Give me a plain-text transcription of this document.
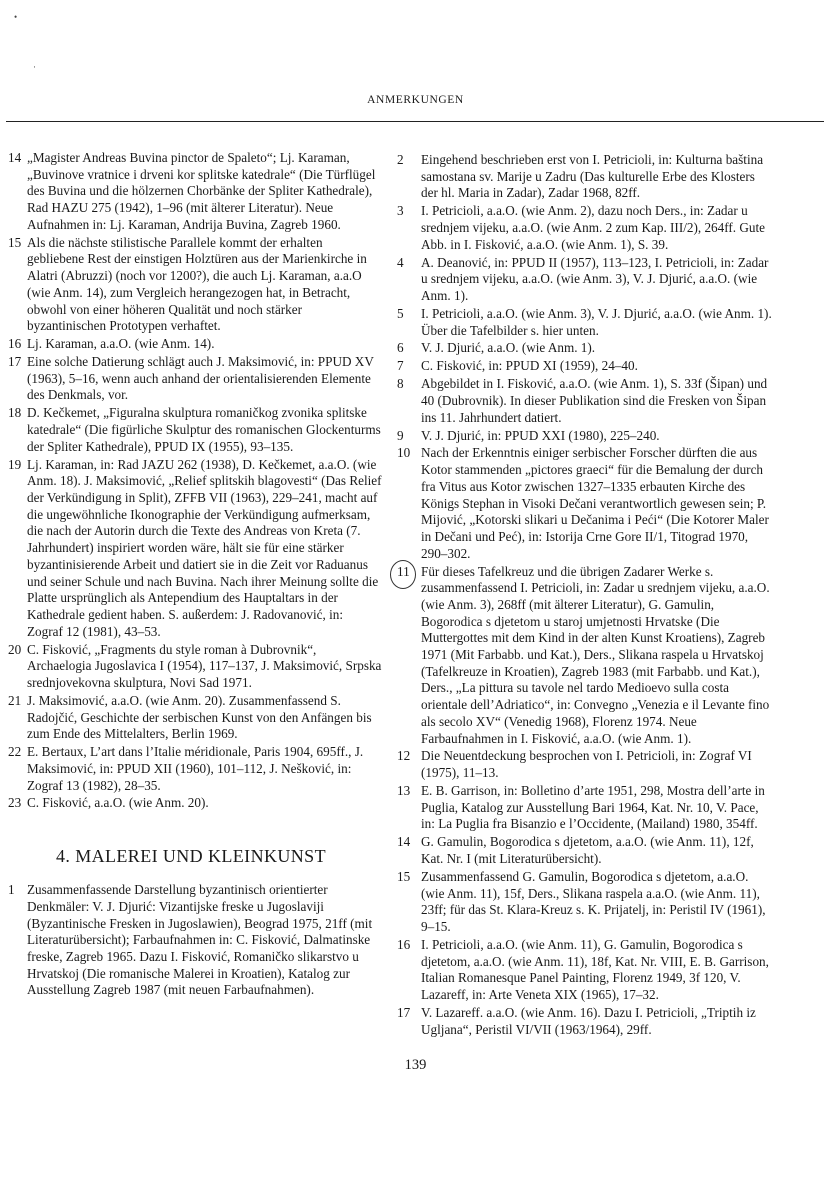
•
·
ANMERKUNGEN
14 „Magister Andreas Buvina pinctor de Spaleto“; Lj. Karaman, „Buvinove vratnice i drveni kor splitske katedrale“ (Die Türflügel des Buvina und die hölzernen Chorbänke der Spliter Kathedrale), Rad HAZU 275 (1942), 1–96 (mit älterer Literatur). Neue Aufnahmen in: Lj. Karaman, Andrija Buvina, Zagreb 1960.
15 Als die nächste stilistische Parallele kommt der erhalten gebliebene Rest der einstigen Holztüren aus der Marienkirche in Alatri (Abruzzi) (noch vor 1200?), die auch Lj. Karaman, a.a.O (wie Anm. 14), zum Vergleich herangezogen hat, in Betracht, obwohl von einer höheren Qualität und noch stärker byzantinischen Prototypen verhaftet.
16 Lj. Karaman, a.a.O. (wie Anm. 14).
17 Eine solche Datierung schlägt auch J. Maksimović, in: PPUD XV (1963), 5–16, wenn auch anhand der orientalisierenden Elemente des Denkmals, vor.
18 D. Kečkemet, „Figuralna skulptura romaničkog zvonika splitske katedrale“ (Die figürliche Skulptur des romanischen Glockenturms der Spliter Kathedrale), PPUD IX (1955), 93–135.
19 Lj. Karaman, in: Rad JAZU 262 (1938), D. Kečkemet, a.a.O. (wie Anm. 18). J. Maksimović, „Relief splitskih blagovesti“ (Das Relief der Verkündigung in Split), ZFFB VII (1963), 229–241, macht auf die ungewöhnliche Ikonographie der Verkündigung aufmerksam, die nach der Autorin durch die Texte des Andreas von Kreta (7. Jahrhundert) inspiriert worden wäre, hält sie für eine stärker byzantinisierende Arbeit und datiert sie in die Zeit vor Raduanus und seiner Schule und nach Buvina. Nach ihrer Meinung sollte die Platte ursprünglich als Antependium des Hauptaltars in der Kathedrale gedient haben. S. außerdem: J. Radovanović, in: Zograf 12 (1981), 43–53.
20 C. Fisković, „Fragments du style roman à Dubrovnik“, Archaelogia Jugoslavica I (1954), 117–137, J. Maksimović, Srpska srednjovekovna skulptura, Novi Sad 1971.
21 J. Maksimović, a.a.O. (wie Anm. 20). Zusammenfassend S. Radojčić, Geschichte der serbischen Kunst von den Anfängen bis zum Ende des Mittelalters, Berlin 1969.
22 E. Bertaux, L’art dans l’Italie méridionale, Paris 1904, 695ff., J. Maksimović, in: PPUD XII (1960), 101–112, J. Nešković, in: Zograf 13 (1982), 28–35.
23 C. Fisković, a.a.O. (wie Anm. 20).
4. MALEREI UND KLEINKUNST
1 Zusammenfassende Darstellung byzantinisch orientierter Denkmäler: V. J. Djurić: Vizantijske freske u Jugoslaviji (Byzantinische Fresken in Jugoslawien), Beograd 1975, 21ff (mit Literaturübersicht); Farbaufnahmen in: C. Fisković, Dalmatinske freske, Zagreb 1965. Dazu I. Fisković, Romaničko slikarstvo u Hrvatskoj (Die romanische Malerei in Kroatien), Katalog zur Ausstellung Zagreb 1987 (mit neuen Farbaufnahmen).
2	Eingehend beschrieben erst von I. Petricioli, in: Kulturna baština samostana sv. Marije u Zadru (Das kulturelle Erbe des Klosters der hl. Maria in Zadar), Zadar 1968, 82ff.
3	I. Petricioli, a.a.O. (wie Anm. 2), dazu noch Ders., in: Zadar u srednjem vijeku, a.a.O. (wie Anm. 2 zum Kap. III/2), 264ff. Gute Abb. in I. Fisković, a.a.O. (wie Anm. 1), S. 39.
4	A. Deanović, in: PPUD II (1957), 113–123, I. Petricioli, in: Zadar u srednjem vijeku, a.a.O. (wie Anm. 3), V. J. Djurić, a.a.O. (wie Anm. 1).
5	I. Petricioli, a.a.O. (wie Anm. 3), V. J. Djurić, a.a.O. (wie Anm. 1). Über die Tafelbilder s. hier unten.
6	V. J. Djurić, a.a.O. (wie Anm. 1).
7	C. Fisković, in: PPUD XI (1959), 24–40.
8	Abgebildet in I. Fisković, a.a.O. (wie Anm. 1), S. 33f (Šipan) und 40 (Dubrovnik). In dieser Publikation sind die Fresken von Šipan ins 11. Jahrhundert datiert.
9	V. J. Djurić, in: PPUD XXI (1980), 225–240.
10 Nach der Erkenntnis einiger serbischer Forscher dürften die aus Kotor stammenden „pictores graeci“ für die Bemalung der durch fra Vitus aus Kotor zwischen 1327–1335 erbauten Kirche des Königs Stephan in Visoki Dečani verantwortlich gewesen sein; P. Mijović, „Kotorski slikari u Dečanima i Peći“ (Die Kotorer Maler in Dečani und Peć), in: Istorija Crne Gore II/1, Titograd 1970, 290–302.
11 Für dieses Tafelkreuz und die übrigen Zadarer Werke s. zusammenfassend I. Petricioli, in: Zadar u srednjem vijeku, a.a.O. (wie Anm. 3), 268ff (mit älterer Literatur), G. Gamulin, Bogorodica s djetetom u staroj umjetnosti Hrvatske (Die Muttergottes mit dem Kind in der alten Kunst Kroatiens), Zagreb 1971 (Mit Farbabb. und Kat.), Ders., Slikana raspela u Hrvatskoj (Tafelkreuze in Kroatien), Zagreb 1983 (mit Farbabb. und Kat.), Ders., „La pittura su tavole nel tardo Medioevo sulla costa orientale dell’Adriatico“, in: Convegno „Venezia e il Levante fino als secolo XV“ (Venedig 1968), Florenz 1974. Neue Farbaufnahmen in I. Fisković, a.a.O. (wie Anm. 1).
12 Die Neuentdeckung besprochen von I. Petricioli, in: Zograf VI (1975), 11–13.
13 E. B. Garrison, in: Bolletino d’arte 1951, 298, Mostra dell’arte in Puglia, Katalog zur Ausstellung Bari 1964, Kat. Nr. 10, V. Pace, in: La Puglia fra Bisanzio e l’Occidente, (Mailand) 1980, 354ff.
14 G. Gamulin, Bogorodica s djetetom, a.a.O. (wie Anm. 11), 12f, Kat. Nr. I (mit Literaturübersicht).
15 Zusammenfassend G. Gamulin, Bogorodica s djetetom, a.a.O. (wie Anm. 11), 15f, Ders., Slikana raspela a.a.O. (wie Anm. 11), 23ff; für das St. Klara-Kreuz s. K. Prijatelj, in: Peristil IV (1961), 9–15.
16 I. Petricioli, a.a.O. (wie Anm. 11), G. Gamulin, Bogorodica s djetetom, a.a.O. (wie Anm. 11), 18f, Kat. Nr. VIII, E. B. Garrison, Italian Romanesque Panel Painting, Florenz 1949, 3f 120, V. Lazareff, in: Arte Veneta XIX (1965), 17–32.
17 V. Lazareff. a.a.O. (wie Anm. 16). Dazu I. Petricioli, „Triptih iz Ugljana“, Peristil VI/VII (1963/1964), 29ff.
139
